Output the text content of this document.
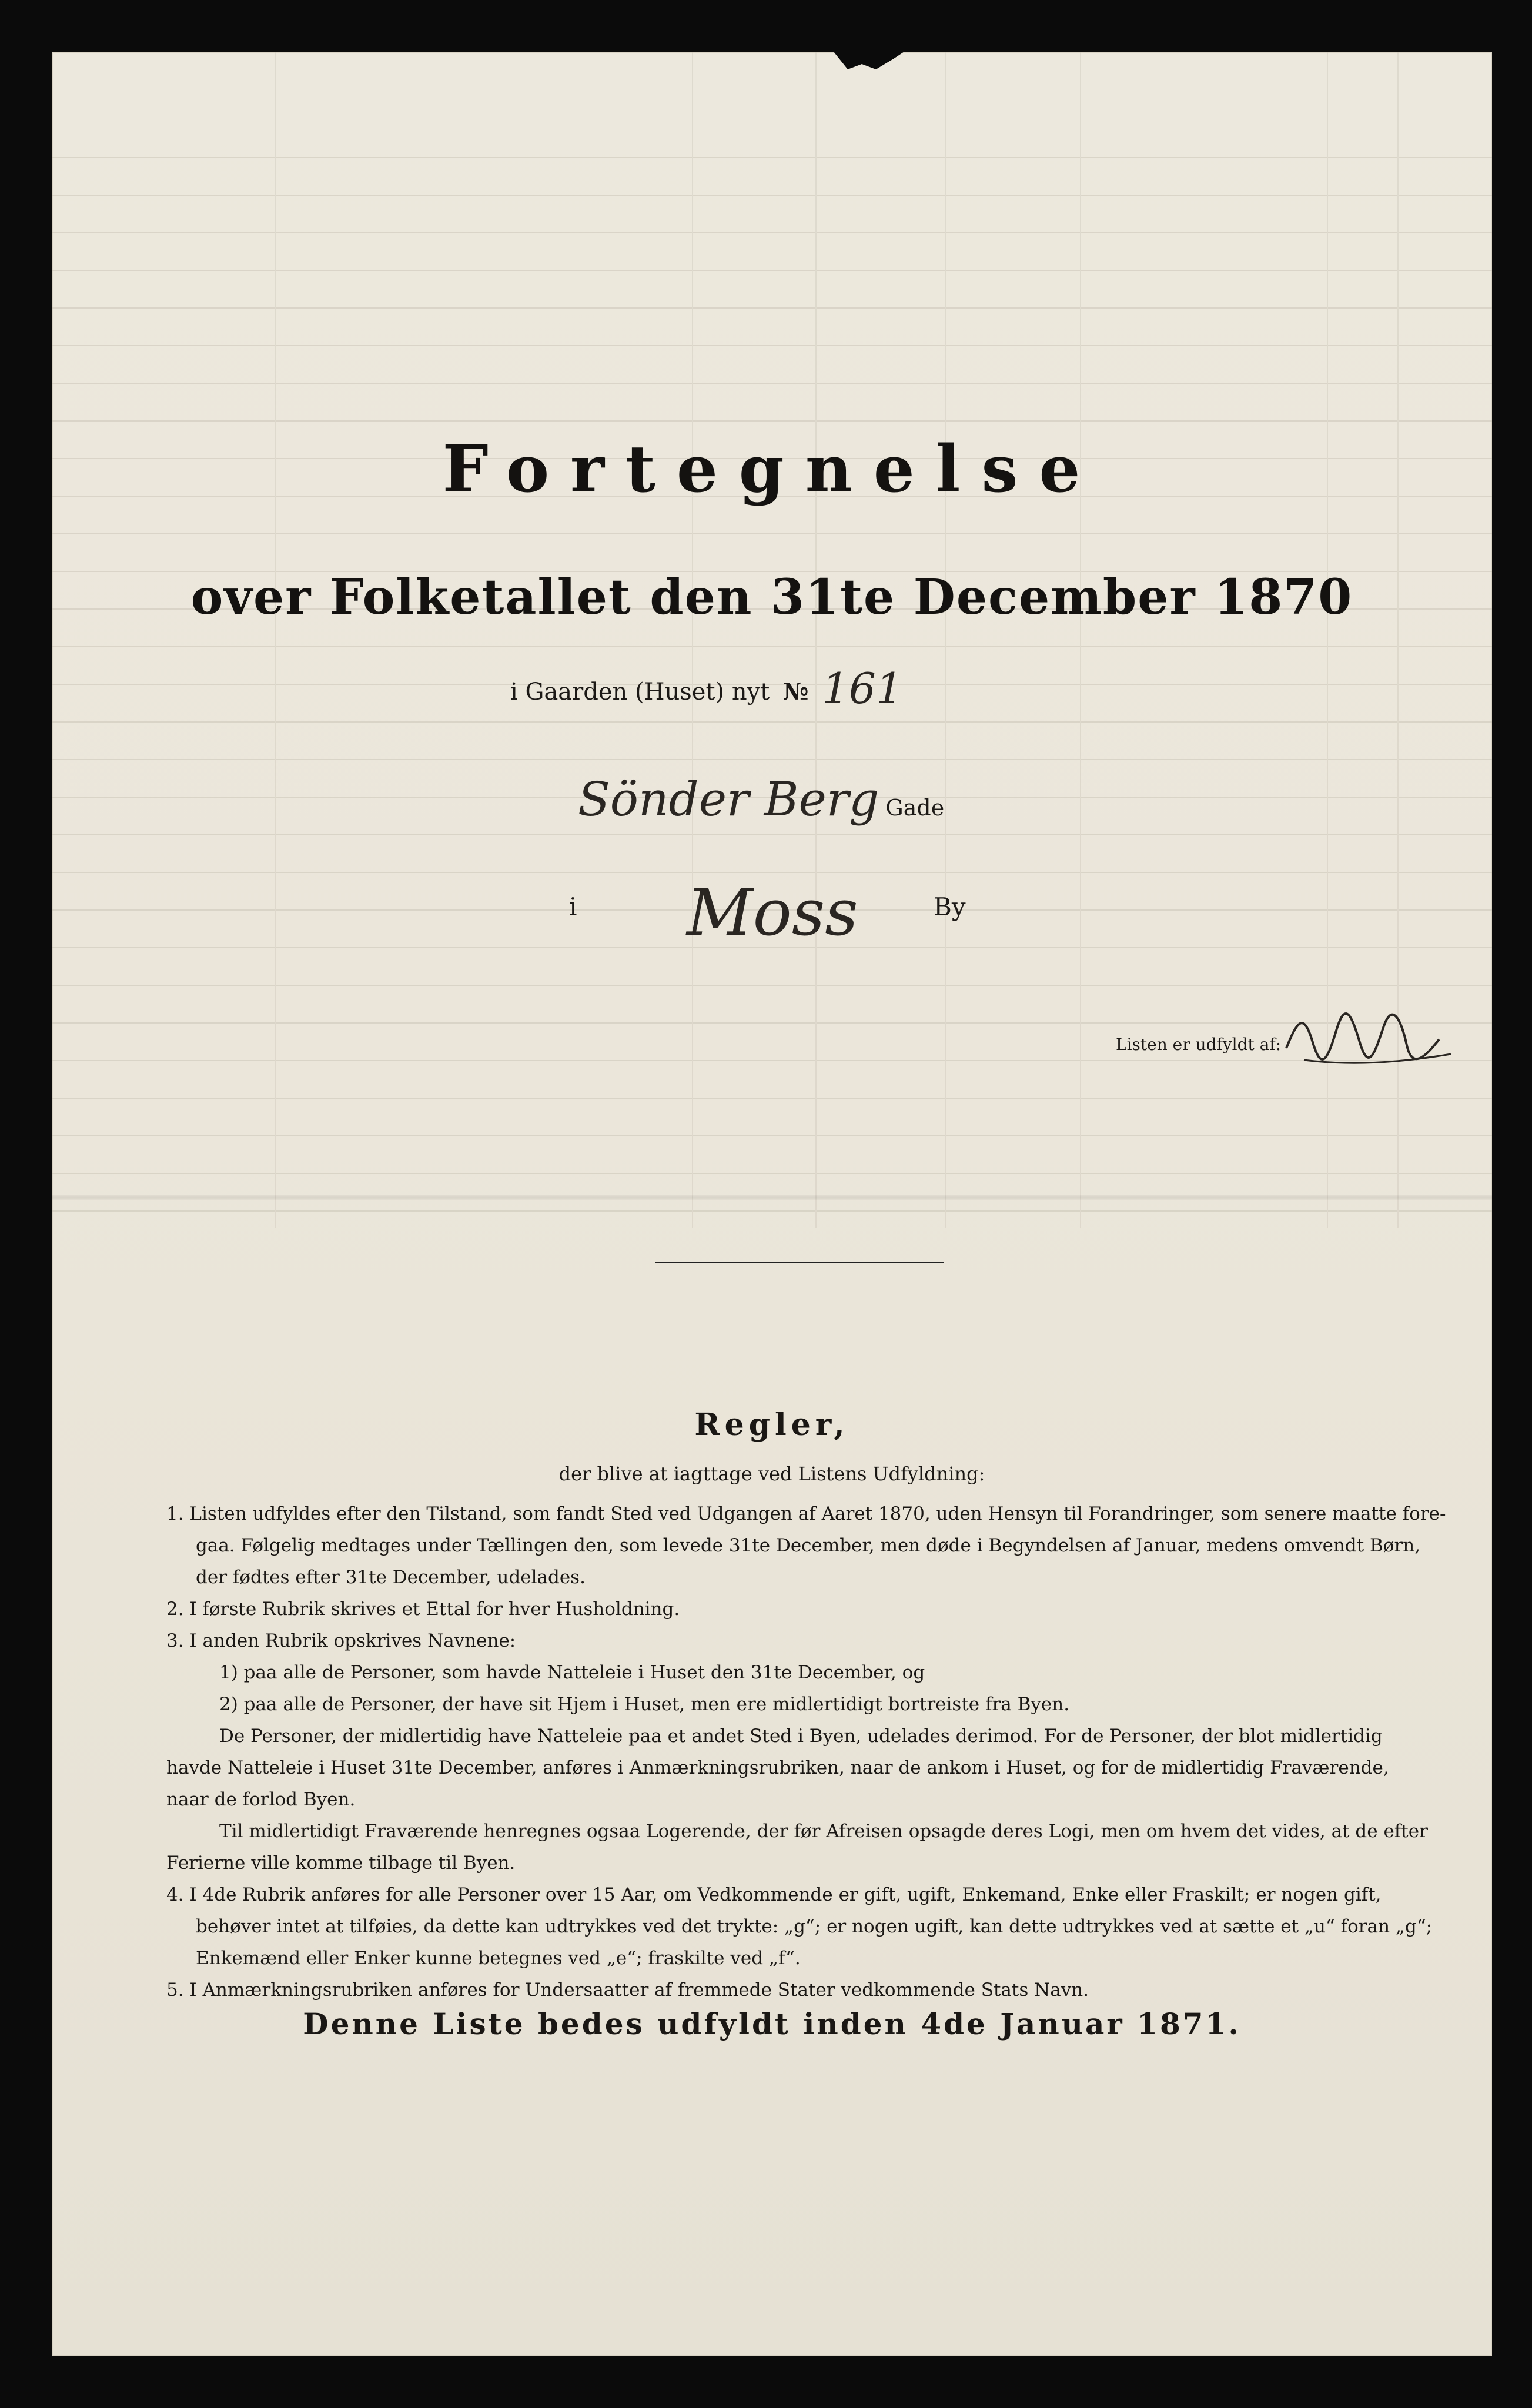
Fortegnelse
over Folketallet den 31te December 1870
i Gaarden (Huset) nyt № 161
Sönder Berg Gade
i Moss	By
Listen er udfyldt af:
Regler,
der blive at iagttage ved Listens Udfyldning:
1. Listen udfyldes efter den Tilstand, som fandt Sted ved Udgangen af Aaret 1870, uden Hensyn til Forandringer, som senere maatte fore-
gaa. Følgelig medtages under Tællingen den, som levede 31te December, men døde i Begyndelsen af Januar, medens omvendt Børn,
der fødtes efter 31te December, udelades.
2. I første Rubrik skrives et Ettal for hver Husholdning.
3. I anden Rubrik opskrives Navnene:
1) paa alle de Personer, som havde Natteleie i Huset den 31te December, og
2) paa alle de Personer, der have sit Hjem i Huset, men ere midlertidigt bortreiste fra Byen.
De Personer, der midlertidig have Natteleie paa et andet Sted i Byen, udelades derimod. For de Personer, der blot midlertidig
havde Natteleie i Huset 31te December, anføres i Anmærkningsrubriken, naar de ankom i Huset, og for de midlertidig Fraværende,
naar de forlod Byen.
Til midlertidigt Fraværende henregnes ogsaa Logerende, der før Afreisen opsagde deres Logi, men om hvem det vides, at de efter
Ferierne ville komme tilbage til Byen.
4. I 4de Rubrik anføres for alle Personer over 15 Aar, om Vedkommende er gift, ugift, Enkemand, Enke eller Fraskilt; er nogen gift,
behøver intet at tilføies, da dette kan udtrykkes ved det trykte: „g“; er nogen ugift, kan dette udtrykkes ved at sætte et „u“ foran „g“;
Enkemænd eller Enker kunne betegnes ved „e“; fraskilte ved „f“.
5. I Anmærkningsrubriken anføres for Undersaatter af fremmede Stater vedkommende Stats Navn.
Denne Liste bedes udfyldt inden 4de Januar 1871.
